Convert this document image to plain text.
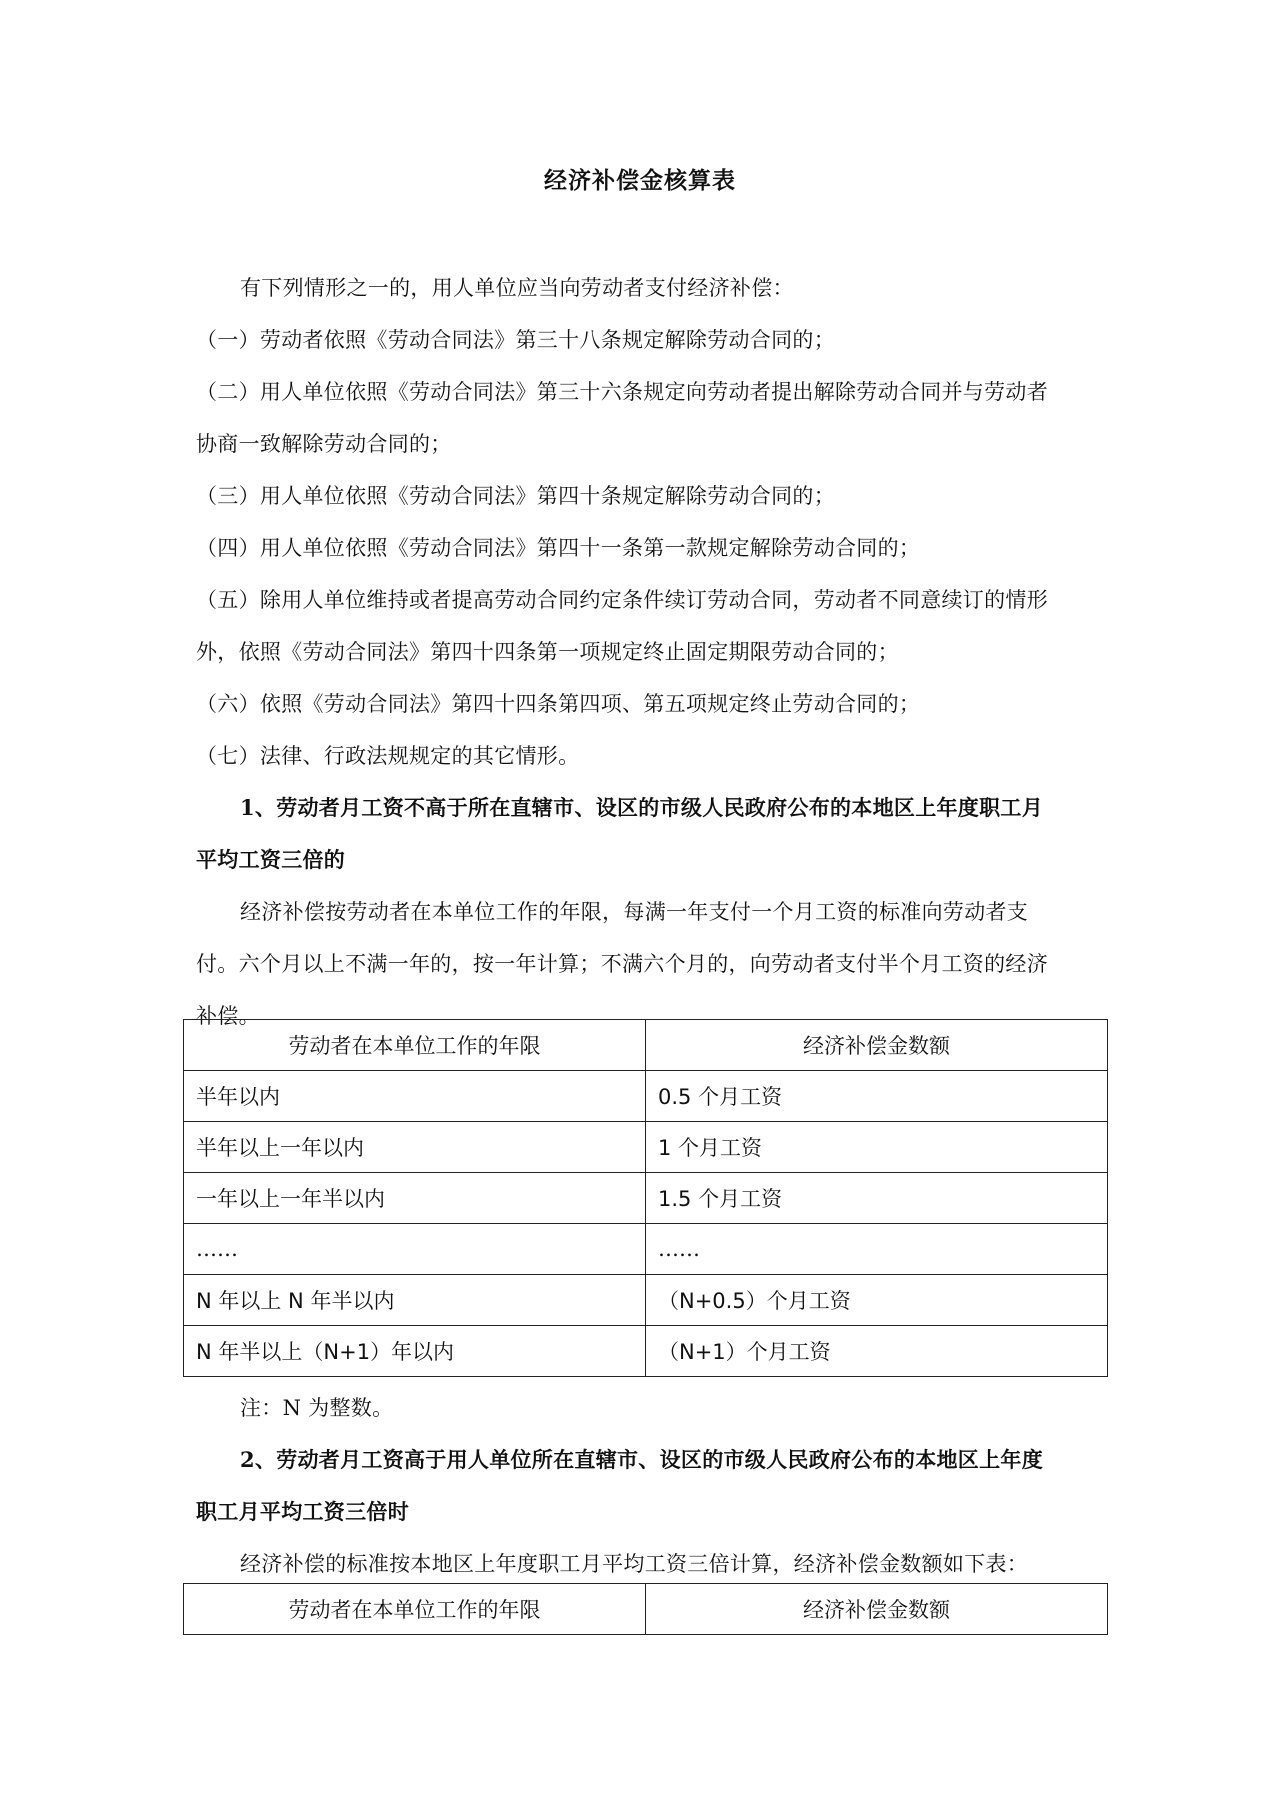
经济补偿金核算表
有下列情形之一的，用人单位应当向劳动者支付经济补偿：
（一）劳动者依照《劳动合同法》第三十八条规定解除劳动合同的；
（二）用人单位依照《劳动合同法》第三十六条规定向劳动者提出解除劳动合同并与劳动者
协商一致解除劳动合同的；
（三）用人单位依照《劳动合同法》第四十条规定解除劳动合同的；
（四）用人单位依照《劳动合同法》第四十一条第一款规定解除劳动合同的；
（五）除用人单位维持或者提高劳动合同约定条件续订劳动合同，劳动者不同意续订的情形
外，依照《劳动合同法》第四十四条第一项规定终止固定期限劳动合同的；
（六）依照《劳动合同法》第四十四条第四项、第五项规定终止劳动合同的；
（七）法律、行政法规规定的其它情形。
1、劳动者月工资不高于所在直辖市、设区的市级人民政府公布的本地区上年度职工月
平均工资三倍的
经济补偿按劳动者在本单位工作的年限，每满一年支付一个月工资的标准向劳动者支
付。六个月以上不满一年的，按一年计算；不满六个月的，向劳动者支付半个月工资的经济
补偿。
劳动者在本单位工作的年限	经济补偿金数额
半年以内	0.5 个月工资
半年以上一年以内	1 个月工资
一年以上一年半以内	1.5 个月工资
……	……
N 年以上 N 年半以内	（N+0.5）个月工资
N 年半以上（N+1）年以内	（N+1）个月工资
注：N 为整数。
2、劳动者月工资高于用人单位所在直辖市、设区的市级人民政府公布的本地区上年度
职工月平均工资三倍时
经济补偿的标准按本地区上年度职工月平均工资三倍计算，经济补偿金数额如下表：
劳动者在本单位工作的年限	经济补偿金数额
